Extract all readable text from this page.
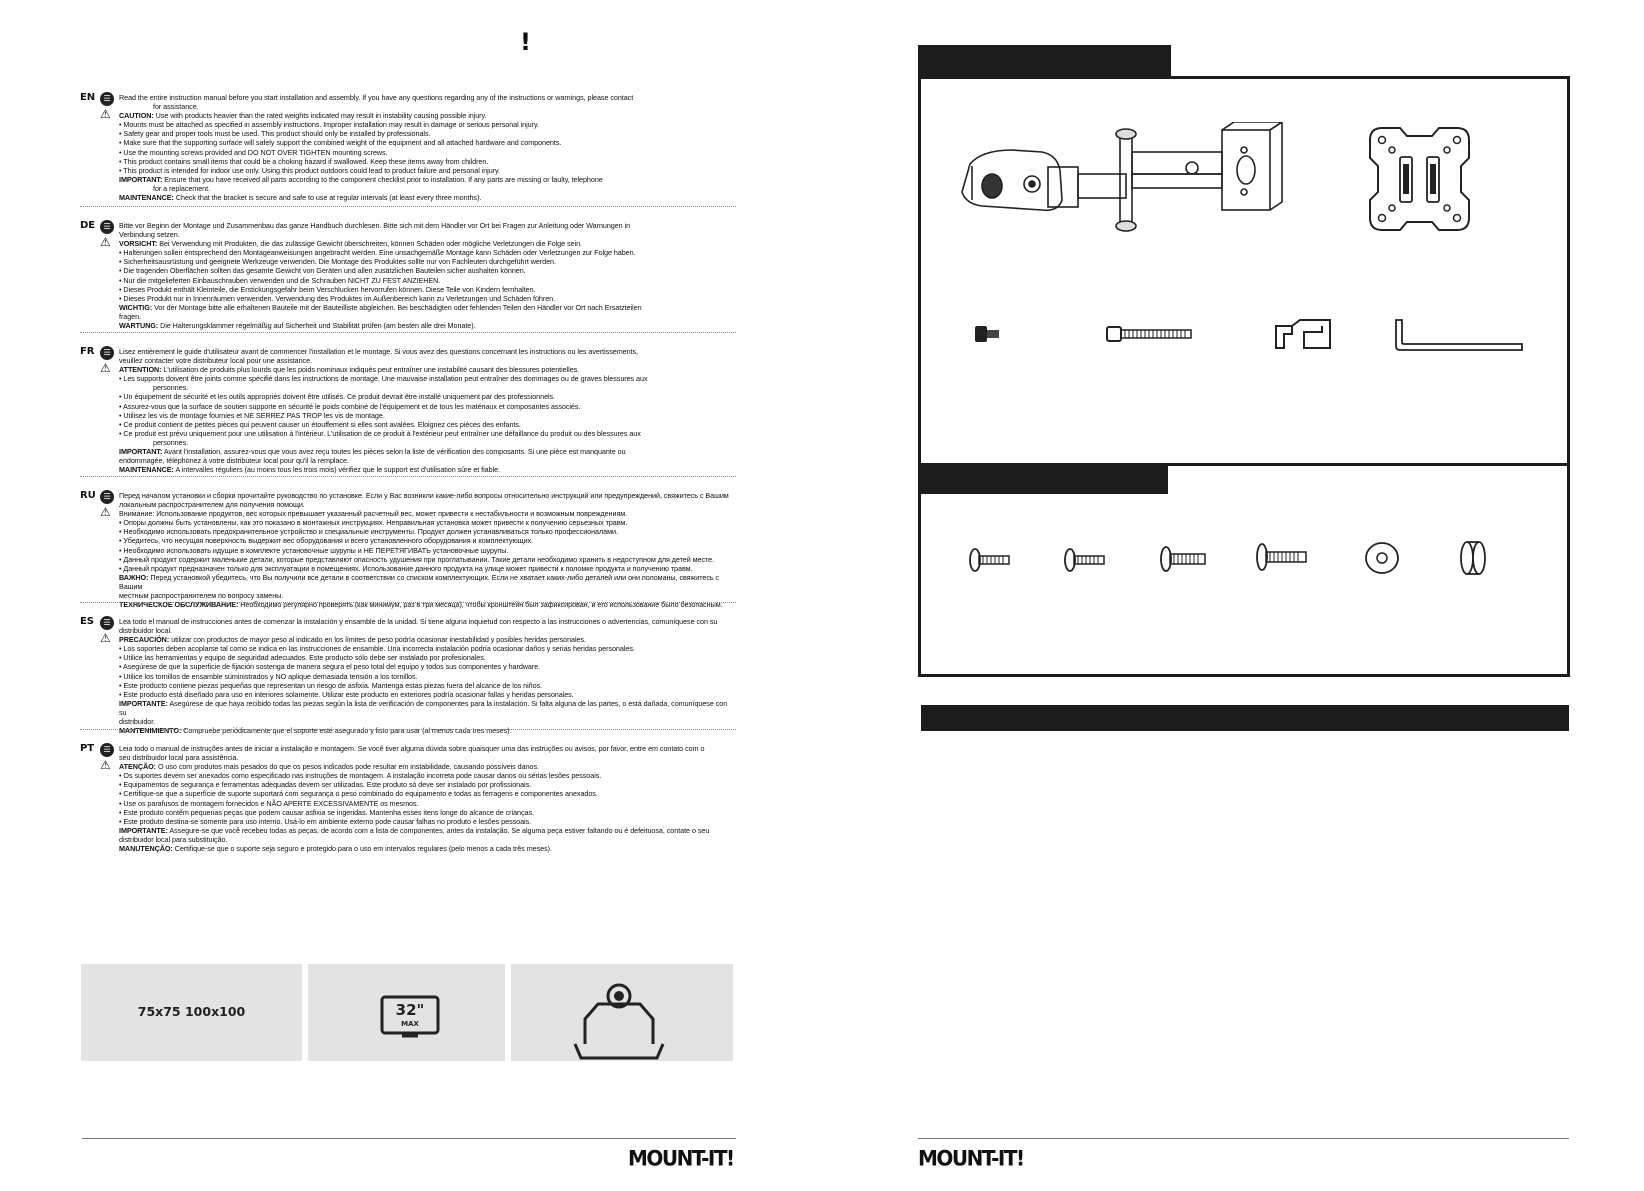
!
EN	☰
⚠

Read the entire instruction manual before you start installation and assembly. If you have any questions regarding any of the instructions or warnings, please contact

for assistance.

CAUTION: Use with products heavier than the rated weights indicated may result in instability causing possible injury.

• Mounts must be attached as specified in assembly instructions. Improper installation may result in damage or serious personal injury.

• Safety gear and proper tools must be used. This product should only be installed by professionals.

• Make sure that the supporting surface will safely support the combined weight of the equipment and all attached hardware and components.

• Use the mounting screws provided and DO NOT OVER TIGHTEN mounting screws.

• This product contains small items that could be a choking hazard if swallowed. Keep these items away from children.

• This product is intended for indoor use only. Using this product outdoors could lead to product failure and personal injury.

IMPORTANT: Ensure that you have received all parts according to the component checklist prior to installation. If any parts are missing or faulty, telephone

for a replacement.

MAINTENANCE: Check that the bracket is secure and safe to use at regular intervals (at least every three months).

DE	☰
⚠

Bitte vor Beginn der Montage und Zusammenbau das ganze Handbuch durchlesen. Bitte sich mit dem Händler vor Ort bei Fragen zur Anleitung oder Warnungen in

Verbindung setzen.

VORSICHT: Bei Verwendung mit Produkten, die das zulässige Gewicht überschreiten, können Schäden oder mögliche Verletzungen die Folge sein.

• Halterungen sollen entsprechend den Montageanweisungen angebracht werden. Eine unsachgemäße Montage kann Schäden oder Verletzungen zur Folge haben.

• Sicherheitsausrüstung und geeignete Werkzeuge verwenden. Die Montage des Produktes sollte nur von Fachleuten durchgeführt werden.

• Die tragenden Oberflächen sollten das gesamte Gewicht von Geräten und allen zusätzlichen Bauteilen sicher aushalten können.

• Nur die mitgelieferten Einbauschrauben verwenden und die Schrauben NICHT ZU FEST ANZIEHEN.

• Dieses Produkt enthält Kleinteile, die Erstickungsgefahr beim Verschlucken hervorrufen können. Diese Teile von Kindern fernhalten.

• Dieses Produkt nur in Innenräumen verwenden. Verwendung des Produktes im Außenbereich kann zu Verletzungen und Schäden führen.

WICHTIG: Vor der Montage bitte alle erhaltenen Bauteile mit der Bauteilliste abgleichen. Bei beschädigten oder fehlenden Teilen den Händler vor Ort nach Ersatzteilen

fragen.

WARTUNG: Die Halterungsklammer regelmäßig auf Sicherheit und Stabilität prüfen (am besten alle drei Monate).

FR	☰
⚠

Lisez entièrement le guide d'utilisateur avant de commencer l'installation et le montage. Si vous avez des questions concernant les instructions ou les avertissements,

veuillez contacter votre distributeur local pour une assistance.

ATTENTION: L'utilisation de produits plus lourds que les poids nominaux indiqués peut entraîner une instabilité causant des blessures potentielles.

• Les supports doivent être joints comme spécifié dans les instructions de montage. Une mauvaise installation peut entraîner des dommages ou de graves blessures aux

personnes.

• Un équipement de sécurité et les outils appropriés doivent être utilisés. Ce produit devrait être installé uniquement par des professionnels.

• Assurez-vous que la surface de soutien supporte en sécurité le poids combiné de l'équipement et de tous les matériaux et composantes associés.

• Utilisez les vis de montage fournies et NE SERREZ PAS TROP les vis de montage.

• Ce produit contient de petites pièces qui peuvent causer un étouffement si elles sont avalées. Eloignez ces pièces des enfants.

• Ce produit est prévu uniquement pour une utilisation à l'intérieur. L'utilisation de ce produit à l'extérieur peut entraîner une défaillance du produit ou des blessures aux

personnes.

IMPORTANT: Avant l'installation, assurez-vous que vous avez reçu toutes les pièces selon la liste de vérification des composants. Si une pièce est manquante ou

endommagée, téléphonez à votre distributeur local pour qu'il la remplace.

MAINTENANCE: A intervalles réguliers (au moins tous les trois mois) vérifiez que le support est d'utilisation sûre et fiable.

RU ☰
⚠

Перед началом установки и сборки прочитайте руководство по установке. Если у Вас возникли какие-либо вопросы относительно инструкций или предупреждений, свяжитесь с Вашим

локальным распространителем для получения помощи.

Внимание: Использование продуктов, вес которых превышает указанный расчетный вес, может привести к нестабильности и возможным повреждениям.

• Опоры должны быть установлены, как это показано в монтажных инструкциях. Неправильная установка может привести к получению серьезных травм.

• Необходимо использовать предохранительное устройство и специальные инструменты. Продукт должен устанавливаться только профессионалами.

• Убедитесь, что несущая поверхность выдержит вес оборудования и всего установленного оборудования и комплектующих.

• Необходимо использовать идущие в комплекте установочные шурупы и НЕ ПЕРЕТЯГИВАТЬ установочные шурупы.

• Данный продукт содержит маленькие детали, которые представляют опасность удушения при проглатывании. Такие детали необходимо хранить в недоступном для детей месте.

• Данный продукт предназначен только для эксплуатации в помещениях. Использование данного продукта на улице может привести к поломке продукта и получению травм.

ВАЖНО: Перед установкой убедитесь, что Вы получили все детали в соответствии со списком комплектующих. Если не хватает каких-либо деталей или они поломаны, свяжитесь с Вашим

местным распространителем по вопросу замены.

ТЕХНИЧЕСКОЕ ОБСЛУЖИВАНИЕ: Необходимо регулярно проверять (как минимум, раз в три месяца), чтобы кронштейн был зафиксирован, и его использование было безопасным.

ES	☰
⚠

Lea todo el manual de instrucciones antes de comenzar la instalación y ensamble de la unidad. Si tiene alguna inquietud con respecto a las instrucciones o advertencias, comuníquese con su

distribuidor local.

PRECAUCIÓN: utilizar con productos de mayor peso al indicado en los límites de peso podría ocasionar inestabilidad y posibles heridas personales.

• Los soportes deben acoplarse tal como se indica en las instrucciones de ensamble. Una incorrecta instalación podría ocasionar daños y serias heridas personales.

• Utilice las herramientas y equipo de seguridad adecuados. Este producto sólo debe ser instalado por profesionales.

• Asegúrese de que la superficie de fijación sostenga de manera segura el peso total del equipo y todos sus componentes y hardware.

• Utilice los tornillos de ensamble suministrados y NO aplique demasiada tensión a los tornillos.

• Este producto contiene piezas pequeñas que representan un riesgo de asfixia. Mantenga estas piezas fuera del alcance de los niños.

• Este producto está diseñado para uso en interiores solamente. Utilizar este producto en exteriores podría ocasionar fallas y heridas personales.

IMPORTANTE: Asegúrese de que haya recibido todas las piezas según la lista de verificación de componentes para la instalación. Si falta alguna de las partes, o está dañada, comuníquese con su

distribuidor.

MANTENIMIENTO: Compruebe periódicamente que el soporte esté asegurado y listo para usar (al menos cada tres meses).

PT	☰
⚠

Leia todo o manual de instruções antes de iniciar a instalação e montagem. Se você tiver alguma dúvida sobre quaisquer uma das instruções ou avisos, por favor, entre em contato com o

seu distribuidor local para assistência.

ATENÇÃO: O uso com produtos mais pesados do que os pesos indicados pode resultar em instabilidade, causando possíveis danos.

• Os suportes devem ser anexados como especificado nas instruções de montagem. A instalação incorreta pode causar danos ou sérias lesões pessoais.

• Equipamentos de segurança e ferramentas adequadas devem ser utilizadas. Este produto só deve ser instalado por profissionais.

• Certifique-se que a superfície de suporte suportará com segurança o peso combinado do equipamento e todas as ferragens e componentes anexados.

• Use os parafusos de montagem fornecidos e NÃO APERTE EXCESSIVAMENTE os mesmos.

• Este produto contêm pequenas peças que podem causar asfixia se ingeridas. Mantenha esses itens longe do alcance de crianças.

• Este produto destina-se somente para uso interno. Usá-lo em ambiente externo pode causar falhas no produto e lesões pessoais.

IMPORTANTE: Assegure-se que você recebeu todas as peças, de acordo com a lista de componentes, antes da instalação. Se alguma peça estiver faltando ou é defeituosa, contate o seu

distribuidor local para substituição.

MANUTENÇÃO: Certifique-se que o suporte seja seguro e protegido para o uso em intervalos regulares (pelo menos a cada três meses).

75x75 100x100	32"
MAX
MOUNT-IT!	MOUNT-IT!
